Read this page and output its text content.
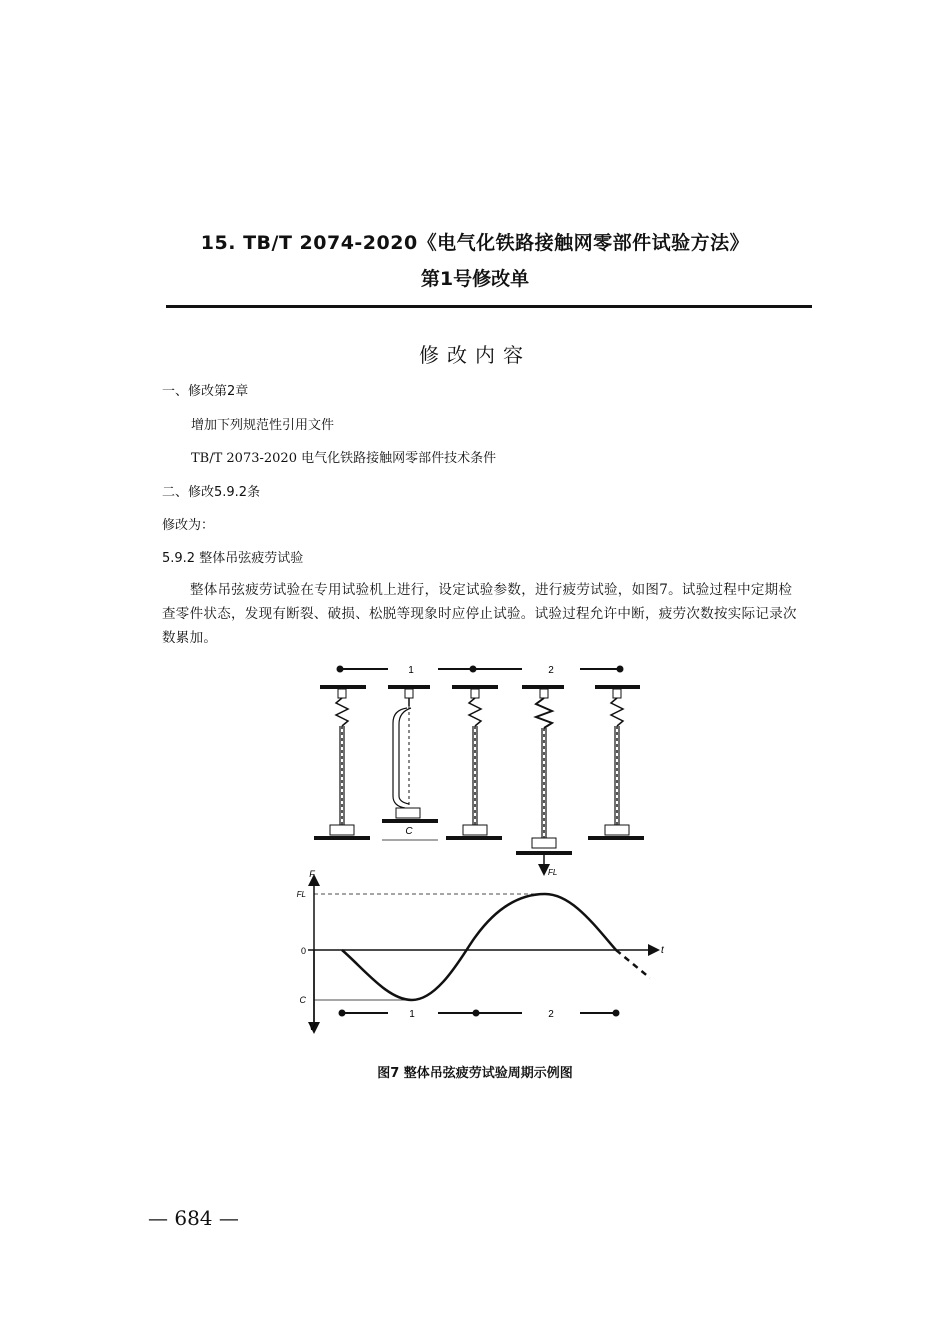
15. TB/T 2074-2020《电气化铁路接触网零部件试验方法》
第1号修改单
修改内容
一、修改第2章
增加下列规范性引用文件
TB/T 2073-2020 电气化铁路接触网零部件技术条件
二、修改5.9.2条
修改为：
5.9.2 整体吊弦疲劳试验
整体吊弦疲劳试验在专用试验机上进行，设定试验参数，进行疲劳试验，如图7。试验过程中定期检查零件状态，发现有断裂、破损、松脱等现象时应停止试验。试验过程允许中断，疲劳次数按实际记录次数累加。
1	2
C
FL
F
t
V
FL
0
C
1	2
图7 整体吊弦疲劳试验周期示例图
— 684 —
